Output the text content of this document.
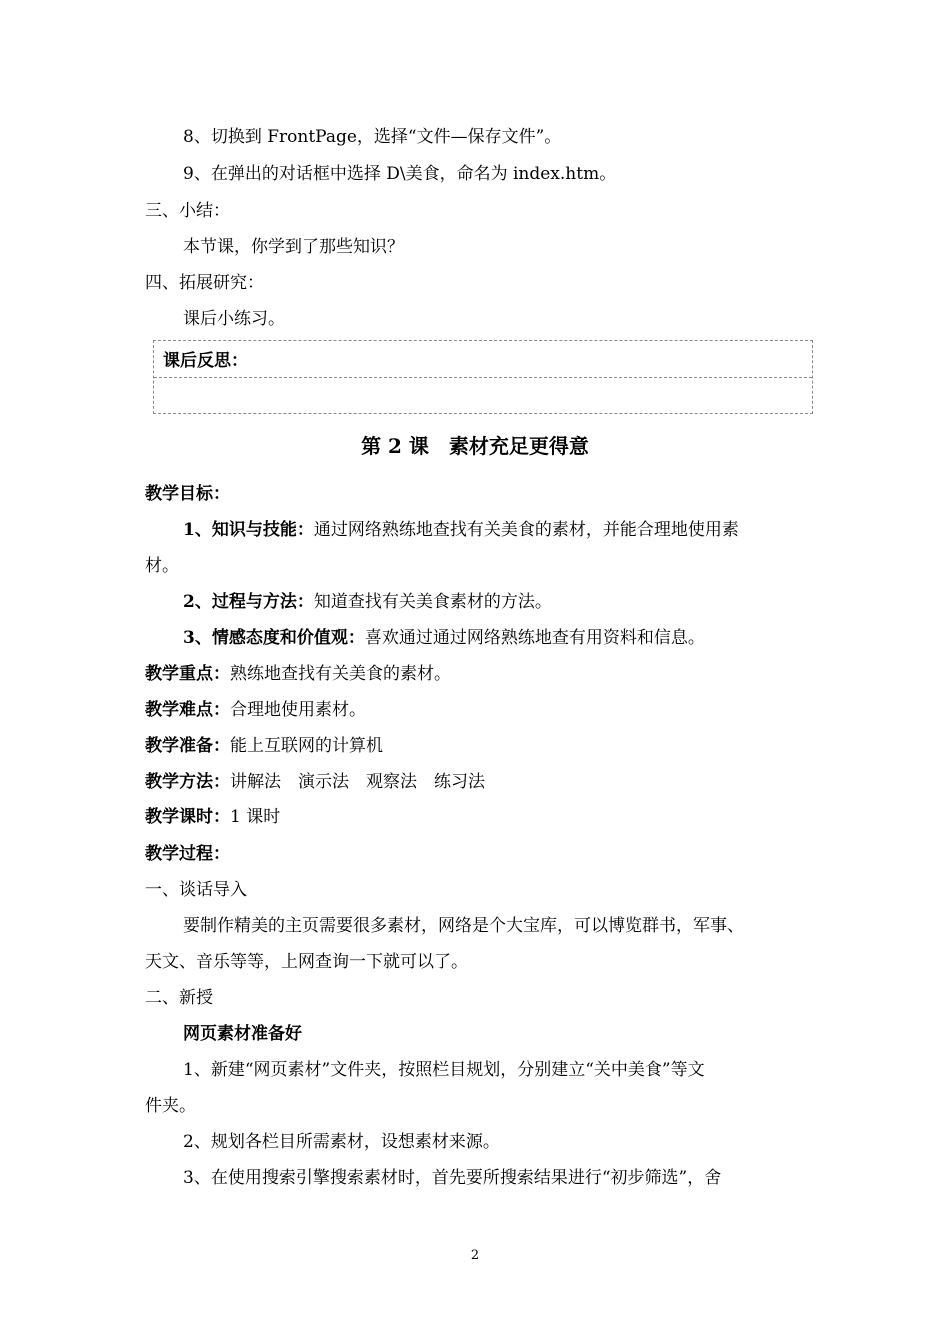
8、切换到 FrontPage，选择“文件—保存文件”。
9、在弹出的对话框中选择 D\美食，命名为 index.htm。
三、小结：
本节课，你学到了那些知识？
四、拓展研究：
课后小练习。
课后反思：
第 2 课　素材充足更得意
教学目标：
1、知识与技能：通过网络熟练地查找有关美食的素材，并能合理地使用素
材。
2、过程与方法：知道查找有关美食素材的方法。
3、情感态度和价值观：喜欢通过通过网络熟练地查有用资料和信息。
教学重点：熟练地查找有关美食的素材。
教学难点：合理地使用素材。
教学准备：能上互联网的计算机
教学方法：讲解法　演示法　观察法　练习法
教学课时：1 课时
教学过程：
一、谈话导入
要制作精美的主页需要很多素材，网络是个大宝库，可以博览群书，军事、
天文、音乐等等，上网查询一下就可以了。
二、新授
网页素材准备好
1、新建“网页素材”文件夹，按照栏目规划，分别建立“关中美食”等文
件夹。
2、规划各栏目所需素材，设想素材来源。
3、在使用搜索引擎搜索素材时，首先要所搜索结果进行“初步筛选”，舍
2
